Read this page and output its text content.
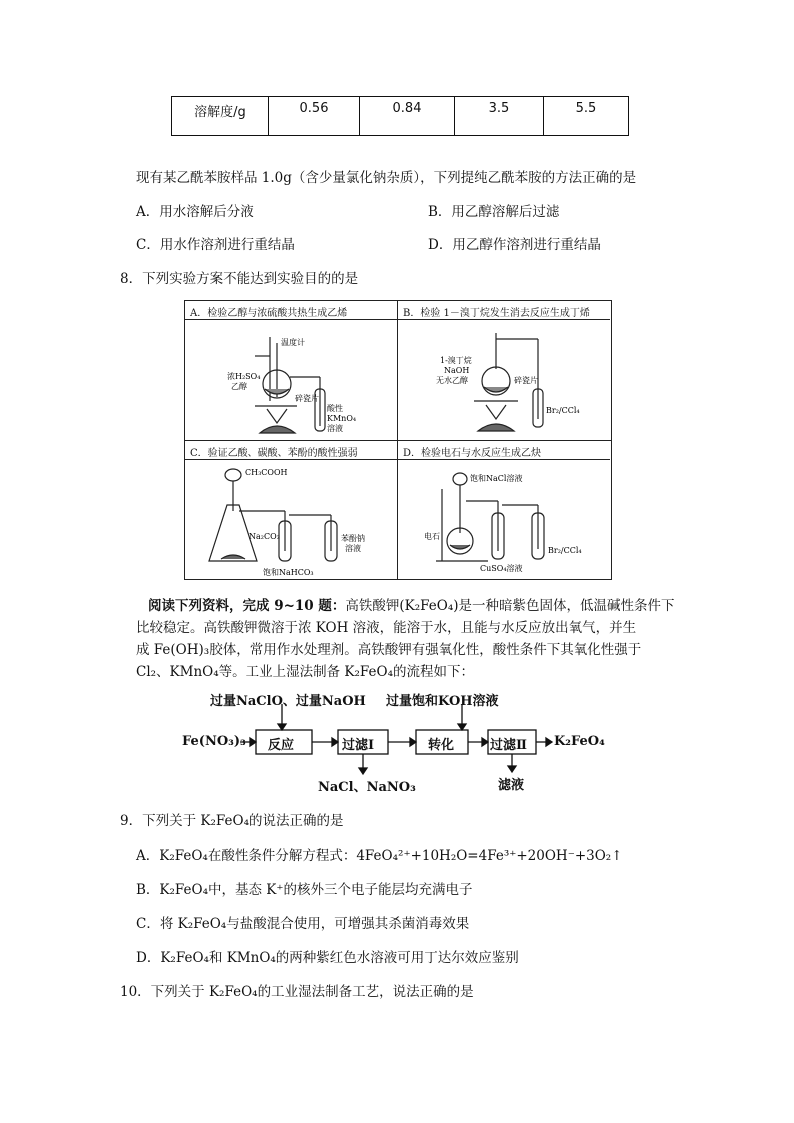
溶解度/g	0.56	0.84	3.5	5.5
现有某乙酰苯胺样品 1.0g（含少量氯化钠杂质），下列提纯乙酰苯胺的方法正确的是
A．用水溶解后分液	B．用乙醇溶解后过滤
C．用水作溶剂进行重结晶	D．用乙醇作溶剂进行重结晶
8．下列实验方案不能达到实验目的的是
A．检验乙醇与浓硫酸共热生成乙烯
温度计
浓H₂SO₄
乙醇
碎瓷片
酸性
KMnO₄
溶液
B．检验 1－溴丁烷发生消去反应生成丁烯
1-溴丁烷
NaOH
无水乙醇	碎瓷片
Br₂/CCl₄
C．验证乙酸、碳酸、苯酚的酸性强弱
CH₃COOH
Na₂CO₃
饱和NaHCO₃
苯酚钠
溶液
D．检验电石与水反应生成乙炔
饱和NaCl溶液
电石
CuSO₄溶液
Br₂/CCl₄
阅读下列资料，完成 9~10 题：高铁酸钾(K₂FeO₄)是一种暗紫色固体，低温碱性条件下
比较稳定。高铁酸钾微溶于浓 KOH 溶液，能溶于水，且能与水反应放出氧气，并生
成 Fe(OH)₃胶体，常用作水处理剂。高铁酸钾有强氧化性，酸性条件下其氧化性强于
Cl₂、KMnO₄等。工业上湿法制备 K₂FeO₄的流程如下：
过量NaClO、过量NaOH 过量饱和KOH溶液
Fe(NO₃)₃ 反应	过滤Ⅰ	转化	过滤Ⅱ K₂FeO₄
NaCl、NaNO₃	滤液
9．下列关于 K₂FeO₄的说法正确的是
A．K₂FeO₄在酸性条件分解方程式：4FeO₄²⁺+10H₂O=4Fe³⁺+20OH⁻+3O₂↑
B．K₂FeO₄中，基态 K⁺的核外三个电子能层均充满电子
C．将 K₂FeO₄与盐酸混合使用，可增强其杀菌消毒效果
D．K₂FeO₄和 KMnO₄的两种紫红色水溶液可用丁达尔效应鉴别
10．下列关于 K₂FeO₄的工业湿法制备工艺，说法正确的是
